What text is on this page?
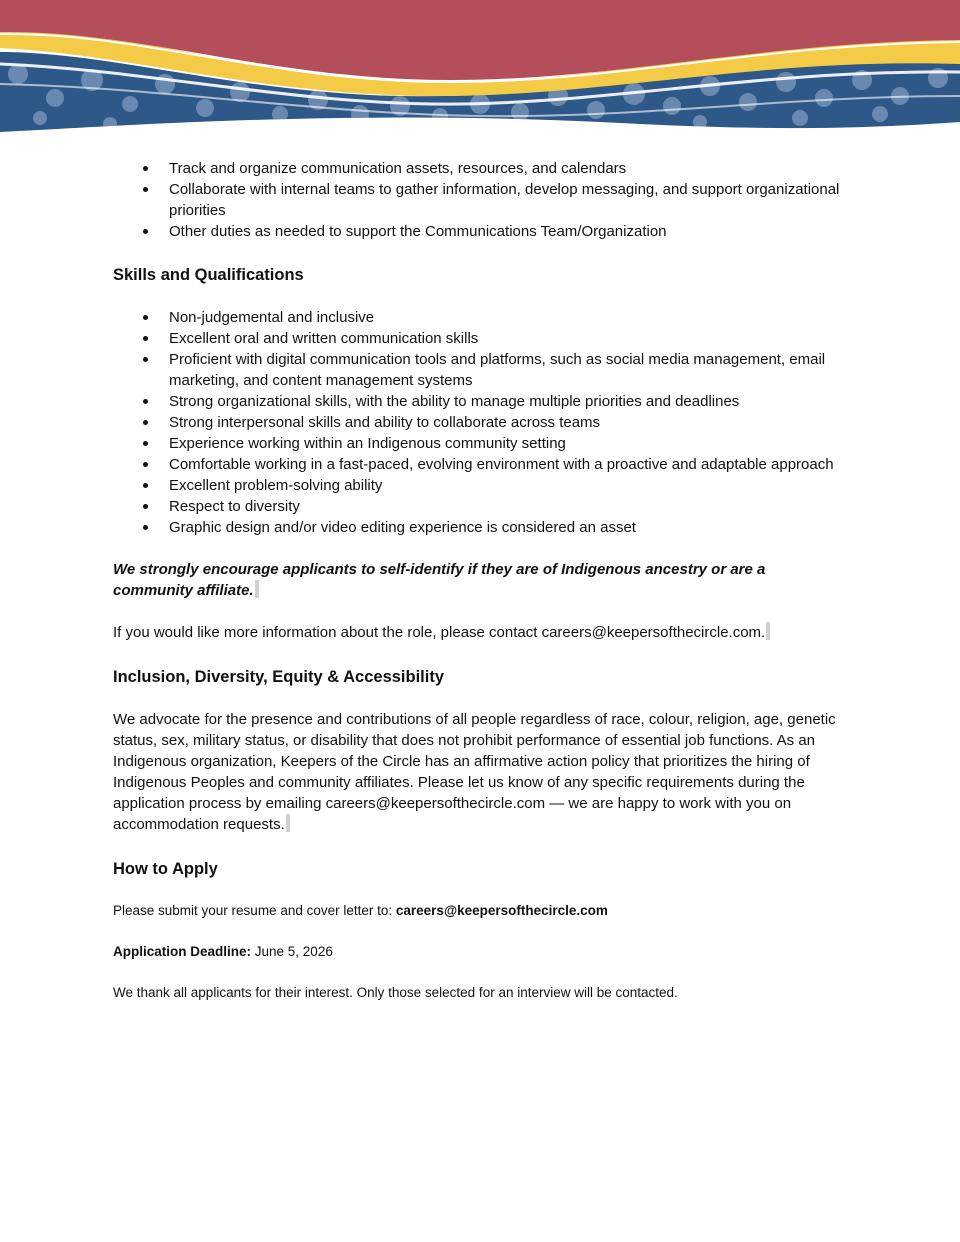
Track and organize communication assets, resources, and calendars
Collaborate with internal teams to gather information, develop messaging, and support organizational priorities
Other duties as needed to support the Communications Team/Organization
Skills and Qualifications
Non-judgemental and inclusive
Excellent oral and written communication skills
Proficient with digital communication tools and platforms, such as social media management, email marketing, and content management systems
Strong organizational skills, with the ability to manage multiple priorities and deadlines
Strong interpersonal skills and ability to collaborate across teams
Experience working within an Indigenous community setting
Comfortable working in a fast-paced, evolving environment with a proactive and adaptable approach
Excellent problem-solving ability
Respect to diversity
Graphic design and/or video editing experience is considered an asset

We strongly encourage applicants to self-identify if they are of Indigenous ancestry or are a community affiliate.

If you would like more information about the role, please contact careers@keepersofthecircle.com.

Inclusion, Diversity, Equity & Accessibility

We advocate for the presence and contributions of all people regardless of race, colour, religion, age, genetic status, sex, military status, or disability that does not prohibit performance of essential job functions. As an Indigenous organization, Keepers of the Circle has an affirmative action policy that prioritizes the hiring of Indigenous Peoples and community affiliates. Please let us know of any specific requirements during the application process by emailing careers@keepersofthecircle.com — we are happy to work with you on accommodation requests.

How to Apply

Please submit your resume and cover letter to: careers@keepersofthecircle.com

Application Deadline: June 5, 2026

We thank all applicants for their interest. Only those selected for an interview will be contacted.
